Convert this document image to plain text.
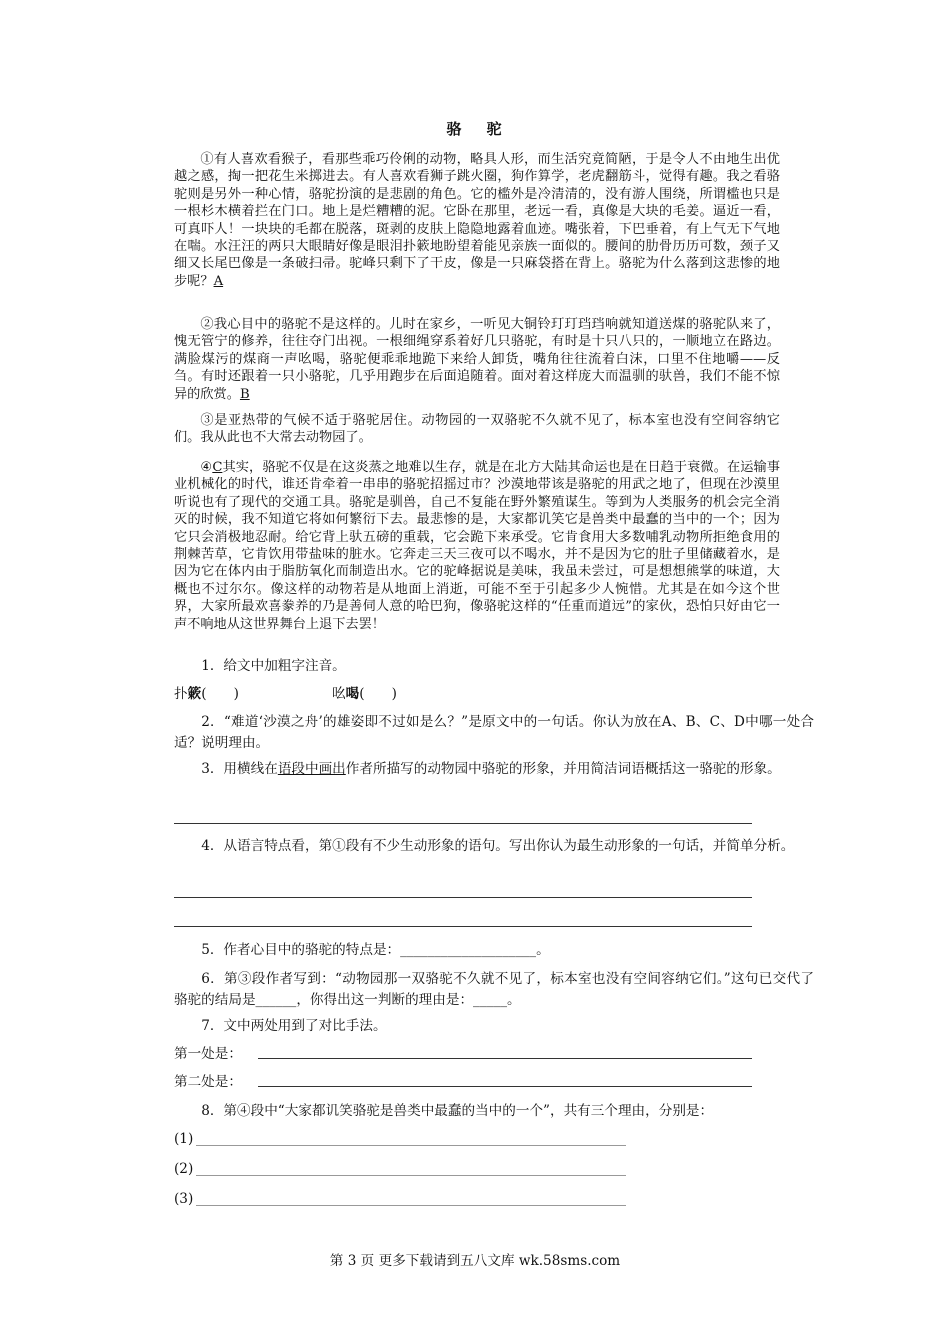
骆 驼

①有人喜欢看猴子，看那些乖巧伶俐的动物，略具人形，而生活究竟简陋，于是令人不由地生出优越之感，掏一把花生米掷进去。有人喜欢看狮子跳火圈，狗作算学，老虎翻筋斗，觉得有趣。我之看骆驼则是另外一种心情，骆驼扮演的是悲剧的角色。它的槛外是冷清清的，没有游人围绕，所谓槛也只是一根杉木横着拦在门口。地上是烂糟糟的泥。它卧在那里，老远一看，真像是大块的毛姜。逼近一看，可真吓人！一块块的毛都在脱落，斑剥的皮肤上隐隐地露着血迹。嘴张着，下巴垂着，有上气无下气地在喘。水汪汪的两只大眼睛好像是眼泪扑簌地盼望着能见亲族一面似的。腰间的肋骨历历可数，颈子又细又长尾巴像是一条破扫帚。驼峰只剩下了干皮，像是一只麻袋搭在背上。骆驼为什么落到这悲惨的地步呢？A

②我心目中的骆驼不是这样的。儿时在家乡，一听见大铜铃玎玎珰珰响就知道送煤的骆驼队来了，愧无管宁的修养，往往夺门出视。一根细绳穿系着好几只骆驼，有时是十只八只的，一顺地立在路边。满脸煤污的煤商一声吆喝，骆驼便乖乖地跪下来给人卸货，嘴角往往流着白沫，口里不住地嚼——反刍。有时还跟着一只小骆驼，几乎用跑步在后面追随着。面对着这样庞大而温驯的驮兽，我们不能不惊异的欣赏。B

③是亚热带的气候不适于骆驼居住。动物园的一双骆驼不久就不见了，标本室也没有空间容纳它们。我从此也不大常去动物园了。

④C其实，骆驼不仅是在这炎蒸之地难以生存，就是在北方大陆其命运也是在日趋于衰微。在运输事业机械化的时代，谁还肯牵着一串串的骆驼招摇过市？沙漠地带该是骆驼的用武之地了，但现在沙漠里听说也有了现代的交通工具。骆驼是驯兽，自己不复能在野外繁殖谋生。等到为人类服务的机会完全消灭的时候，我不知道它将如何繁衍下去。最悲惨的是，大家都讥笑它是兽类中最蠢的当中的一个；因为它只会消极地忍耐。给它背上驮五磅的重载，它会跪下来承受。它肯食用大多数哺乳动物所拒绝食用的荆棘苦草，它肯饮用带盐味的脏水。它奔走三天三夜可以不喝水，并不是因为它的肚子里储藏着水，是因为它在体内由于脂肪氧化而制造出水。它的驼峰据说是美味，我虽未尝过，可是想想熊掌的味道，大概也不过尔尔。像这样的动物若是从地面上消逝，可能不至于引起多少人惋惜。尤其是在如今这个世界，大家所最欢喜豢养的乃是善伺人意的哈巴狗，像骆驼这样的“任重而道远”的家伙，恐怕只好由它一声不响地从这世界舞台上退下去罢！

1．给文中加粗字注音。

扑簌(　　)	吆喝(　　)

2．“难道‘沙漠之舟’的雄姿即不过如是么？”是原文中的一句话。你认为放在A、B、C、D中哪一处合适？说明理由。

3．用横线在语段中画出作者所描写的动物园中骆驼的形象，并用简洁词语概括这一骆驼的形象。

4．从语言特点看，第①段有不少生动形象的语句。写出你认为最生动形象的一句话，并简单分析。

5．作者心目中的骆驼的特点是：____________________。

6．第③段作者写到：“动物园那一双骆驼不久就不见了，标本室也没有空间容纳它们。”这句已交代了骆驼的结局是______，你得出这一判断的理由是：_____。

7．文中两处用到了对比手法。

第一处是：
第二处是：

8．第④段中“大家都讥笑骆驼是兽类中最蠢的当中的一个”，共有三个理由，分别是：

(1)
(2)
(3)
第 3 页 更多下载请到五八文库 wk.58sms.com
